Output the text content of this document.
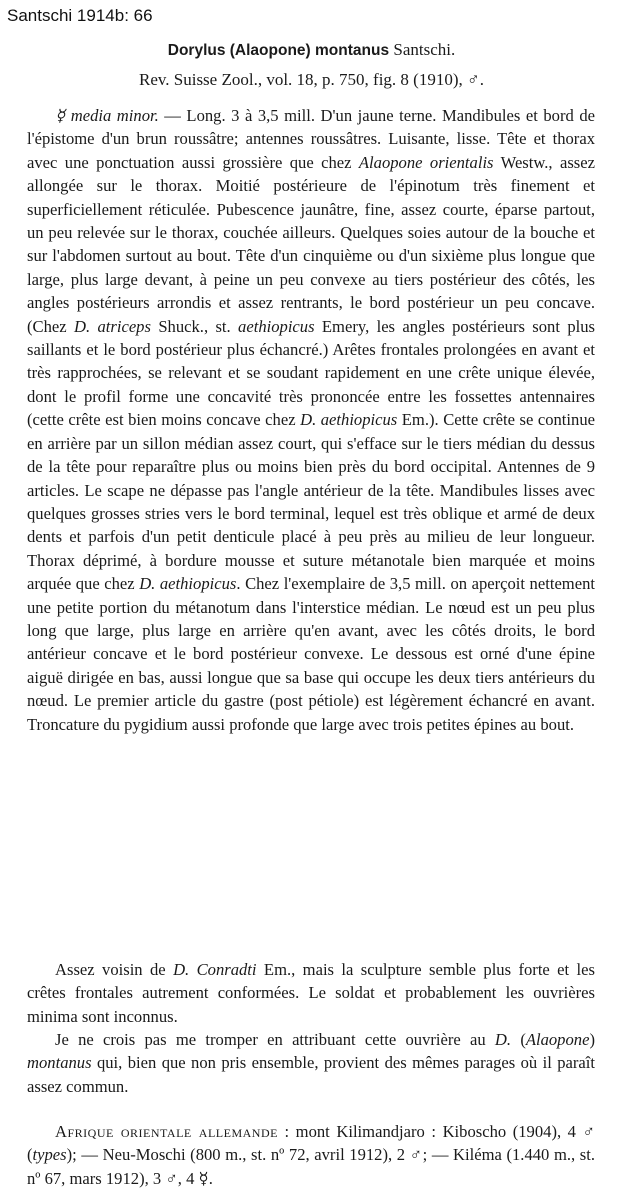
Santschi 1914b: 66
Dorylus (Alaopone) montanus Santschi.
Rev. Suisse Zool., vol. 18, p. 750, fig. 8 (1910), ♂.

☿ media minor. — Long. 3 à 3,5 mill. D'un jaune terne. Mandibules et bord de l'épistome d'un brun roussâtre; antennes roussâtres. Luisante, lisse. Tête et thorax avec une ponctuation aussi grossière que chez Alaopone orientalis Westw., assez allongée sur le thorax. Moitié postérieure de l'épinotum très finement et superficiellement réticulée. Pubescence jaunâtre, fine, assez courte, éparse partout, un peu relevée sur le thorax, couchée ailleurs. Quelques soies autour de la bouche et sur l'abdomen surtout au bout. Tête d'un cinquième ou d'un sixième plus longue que large, plus large devant, à peine un peu convexe au tiers postérieur des côtés, les angles postérieurs arrondis et assez rentrants, le bord postérieur un peu concave. (Chez D. atriceps Shuck., st. aethiopicus Emery, les angles postérieurs sont plus saillants et le bord postérieur plus échancré.) Arêtes frontales prolongées en avant et très rapprochées, se relevant et se soudant rapidement en une crête unique élevée, dont le profil forme une concavité très prononcée entre les fossettes antennaires (cette crête est bien moins concave chez D. aethiopicus Em.). Cette crête se continue en arrière par un sillon médian assez court, qui s'efface sur le tiers médian du dessus de la tête pour reparaître plus ou moins bien près du bord occipital. Antennes de 9 articles. Le scape ne dépasse pas l'angle antérieur de la tête. Mandibules lisses avec quelques grosses stries vers le bord terminal, lequel est très oblique et armé de deux dents et parfois d'un petit denticule placé à peu près au milieu de leur longueur. Thorax déprimé, à bordure mousse et suture métanotale bien marquée et moins arquée que chez D. aethiopicus. Chez l'exemplaire de 3,5 mill. on aperçoit nettement une petite portion du métanotum dans l'interstice médian. Le nœud est un peu plus long que large, plus large en arrière qu'en avant, avec les côtés droits, le bord antérieur concave et le bord postérieur convexe. Le dessous est orné d'une épine aiguë dirigée en bas, aussi longue que sa base qui occupe les deux tiers antérieurs du nœud. Le premier article du gastre (post pétiole) est légèrement échancré en avant. Troncature du pygidium aussi profonde que large avec trois petites épines au bout.

Assez voisin de D. Conradti Em., mais la sculpture semble plus forte et les crêtes frontales autrement conformées. Le soldat et probablement les ouvrières minima sont inconnus.

Je ne crois pas me tromper en attribuant cette ouvrière au D. (Alaopone) montanus qui, bien que non pris ensemble, provient des mêmes parages où il paraît assez commun.

Afrique orientale allemande : mont Kilimandjaro : Kiboscho (1904), 4 ♂ (types); — Neu-Moschi (800 m., st. nº 72, avril 1912), 2 ♂; — Kiléma (1.440 m., st. nº 67, mars 1912), 3 ♂, 4 ☿.
